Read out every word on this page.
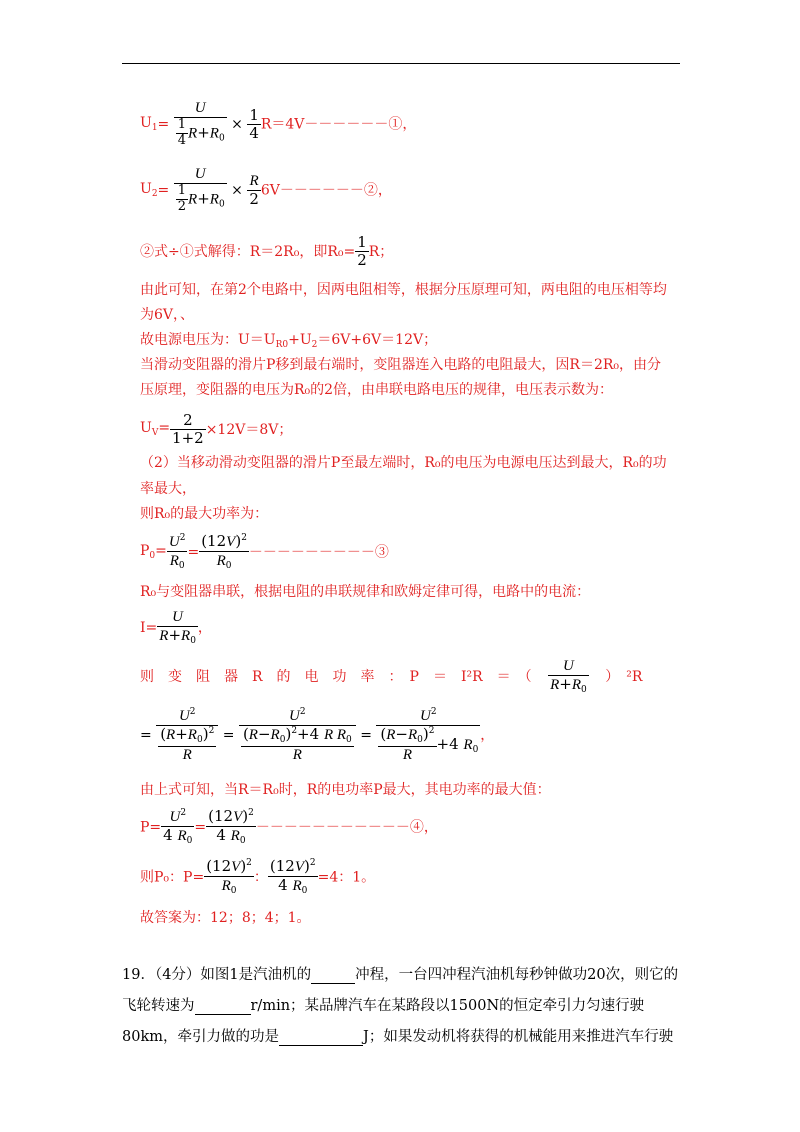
$U_1= \frac{U}{\frac{1}{4} R+R_0} \times \frac{1}{4}$ R＝4V－－－－－－①，
$U_2= \frac{U}{\frac{1}{2} R+R_0} \times \frac{R}{2}$ 6V－－－－－－②，
②式÷①式解得：R＝2R₀，即$R_0= \frac{1}{2}$ R；
由此可知，在第2个电路中，因两电阻相等，根据分压原理可知，两电阻的电压相等均
为6V，、
故电源电压为：$U=U_{R0}+U_2=6V+6V=12V$；
当滑动变阻器的滑片P移到最右端时，变阻器连入电路的电阻最大，因R＝2R₀，由分
压原理，变阻器的电压为R₀的2倍，由串联电路电压的规律，电压表示数为：
$U_V= \frac{2}{1+2} \times 12V=8V$；
（2）当移动滑动变阻器的滑片P至最左端时，R₀的电压为电源电压达到最大，R₀的功
率最大，
则R₀的最大功率为：
$P_0= \frac{U^2}{R_0} = \frac{(12V)^2}{R_0}$ －－－－－－－－－③
R₀与变阻器串联，根据电阻的串联规律和欧姆定律可得，电路中的电流：
$I= \frac{U}{R+R_0}$ ，
则　变　阻　器　R　的　电　功　率　：　P　＝　I²R　＝　（ $\frac{U}{R+R_0}$ ）　²R
= $\frac{U^2}{\frac{(R+R_0)^2}{R}} = \frac{U^2}{\frac{(R-R_0)^2+4 R R_0}{R}} = \frac{U^2}{\frac{(R-R_0)^2}{R} +4 R_0}$ ，
由上式可知，当R＝R₀时，R的电功率P最大，其电功率的最大值：
$P= \frac{U^2}{4 R_0} = \frac{(12V)^2}{4 R_0}$ －－－－－－－－－－－④，
则P₀：$P= \frac{(12V)^2}{R_0}$ ： $\frac{(12V)^2}{4 R_0} =4$：1。
故答案为：12；8；4；1。
19．（4分）如图1是汽油机的	冲程，一台四冲程汽油机每秒钟做功20次，则它的
飞轮转速为	r/min；某品牌汽车在某路段以1500N的恒定牵引力匀速行驶
80km，牵引力做的功是	J；如果发动机将获得的机械能用来推进汽车行驶
